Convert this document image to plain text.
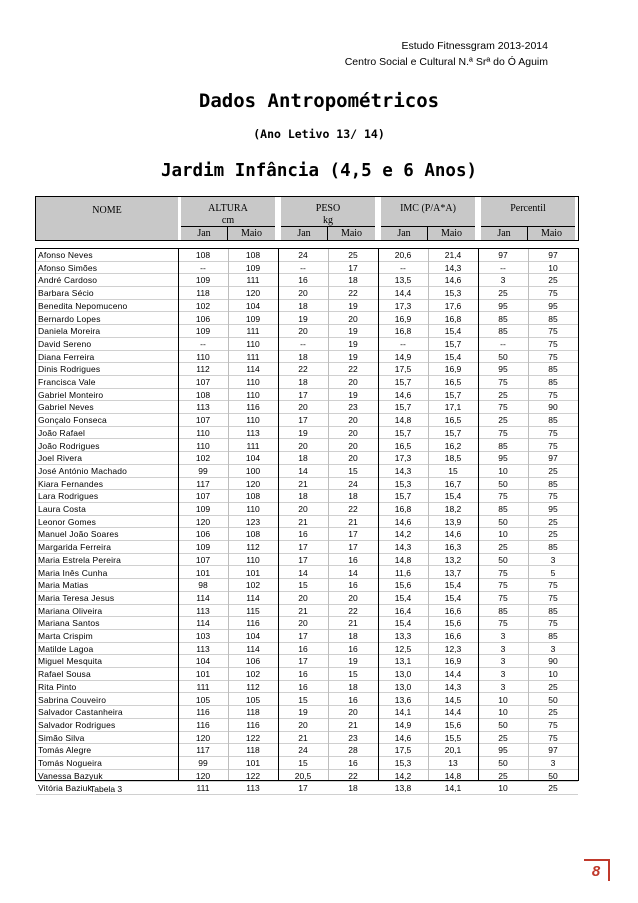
Estudo Fitnessgram 2013-2014
Centro Social e Cultural N.ª Srª do Ó Aguim
Dados Antropométricos
(Ano Letivo 13/ 14)
Jardim Infância (4,5 e 6 Anos)
NOME	ALTURA
cm
PESO
kg
IMC (P/A*A)	Percentil
Jan	Maio	Jan	Maio	Jan	Maio	Jan	Maio
Afonso Neves	108	108	24	25	20,6	21,4	97	97
Afonso Simões	--	109	--	17	--	14,3	--	10
André Cardoso	109	111	16	18	13,5	14,6	3	25
Barbara Sécio	118	120	20	22	14,4	15,3	25	75
Benedita Nepomuceno	102	104	18	19	17,3	17,6	95	95
Bernardo Lopes	106	109	19	20	16,9	16,8	85	85
Daniela Moreira	109	111	20	19	16,8	15,4	85	75
David Sereno	--	110	--	19	--	15,7	--	75
Diana Ferreira	110	111	18	19	14,9	15,4	50	75
Dinis Rodrigues	112	114	22	22	17,5	16,9	95	85
Francisca Vale	107	110	18	20	15,7	16,5	75	85
Gabriel Monteiro	108	110	17	19	14,6	15,7	25	75
Gabriel Neves	113	116	20	23	15,7	17,1	75	90
Gonçalo Fonseca	107	110	17	20	14,8	16,5	25	85
João Rafael	110	113	19	20	15,7	15,7	75	75
João Rodrigues	110	111	20	20	16,5	16,2	85	75
Joel Rivera	102	104	18	20	17,3	18,5	95	97
José António Machado	99	100	14	15	14,3	15	10	25
Kiara Fernandes	117	120	21	24	15,3	16,7	50	85
Lara Rodrigues	107	108	18	18	15,7	15,4	75	75
Laura Costa	109	110	20	22	16,8	18,2	85	95
Leonor Gomes	120	123	21	21	14,6	13,9	50	25
Manuel João Soares	106	108	16	17	14,2	14,6	10	25
Margarida Ferreira	109	112	17	17	14,3	16,3	25	85
Maria Estrela Pereira	107	110	17	16	14,8	13,2	50	3
Maria Inês Cunha	101	101	14	14	11,6	13,7	75	5
Maria Matias	98	102	15	16	15,6	15,4	75	75
Maria Teresa Jesus	114	114	20	20	15,4	15,4	75	75
Mariana Oliveira	113	115	21	22	16,4	16,6	85	85
Mariana Santos	114	116	20	21	15,4	15,6	75	75
Marta Crispim	103	104	17	18	13,3	16,6	3	85
Matilde Lagoa	113	114	16	16	12,5	12,3	3	3
Miguel Mesquita	104	106	17	19	13,1	16,9	3	90
Rafael Sousa	101	102	16	15	13,0	14,4	3	10
Rita Pinto	111	112	16	18	13,0	14,3	3	25
Sabrina Couveiro	105	105	15	16	13,6	14,5	10	50
Salvador Castanheira	116	118	19	20	14,1	14,4	10	25
Salvador Rodrigues	116	116	20	21	14,9	15,6	50	75
Simão Silva	120	122	21	23	14,6	15,5	25	75
Tomás Alegre	117	118	24	28	17,5	20,1	95	97
Tomás Nogueira	99	101	15	16	15,3	13	50	3
Vanessa Bazyuk	120	122	20,5	22	14,2	14,8	25	50
Vitória Baziuk	111	113	17	18	13,8	14,1	10	25
Tabela 3
8
